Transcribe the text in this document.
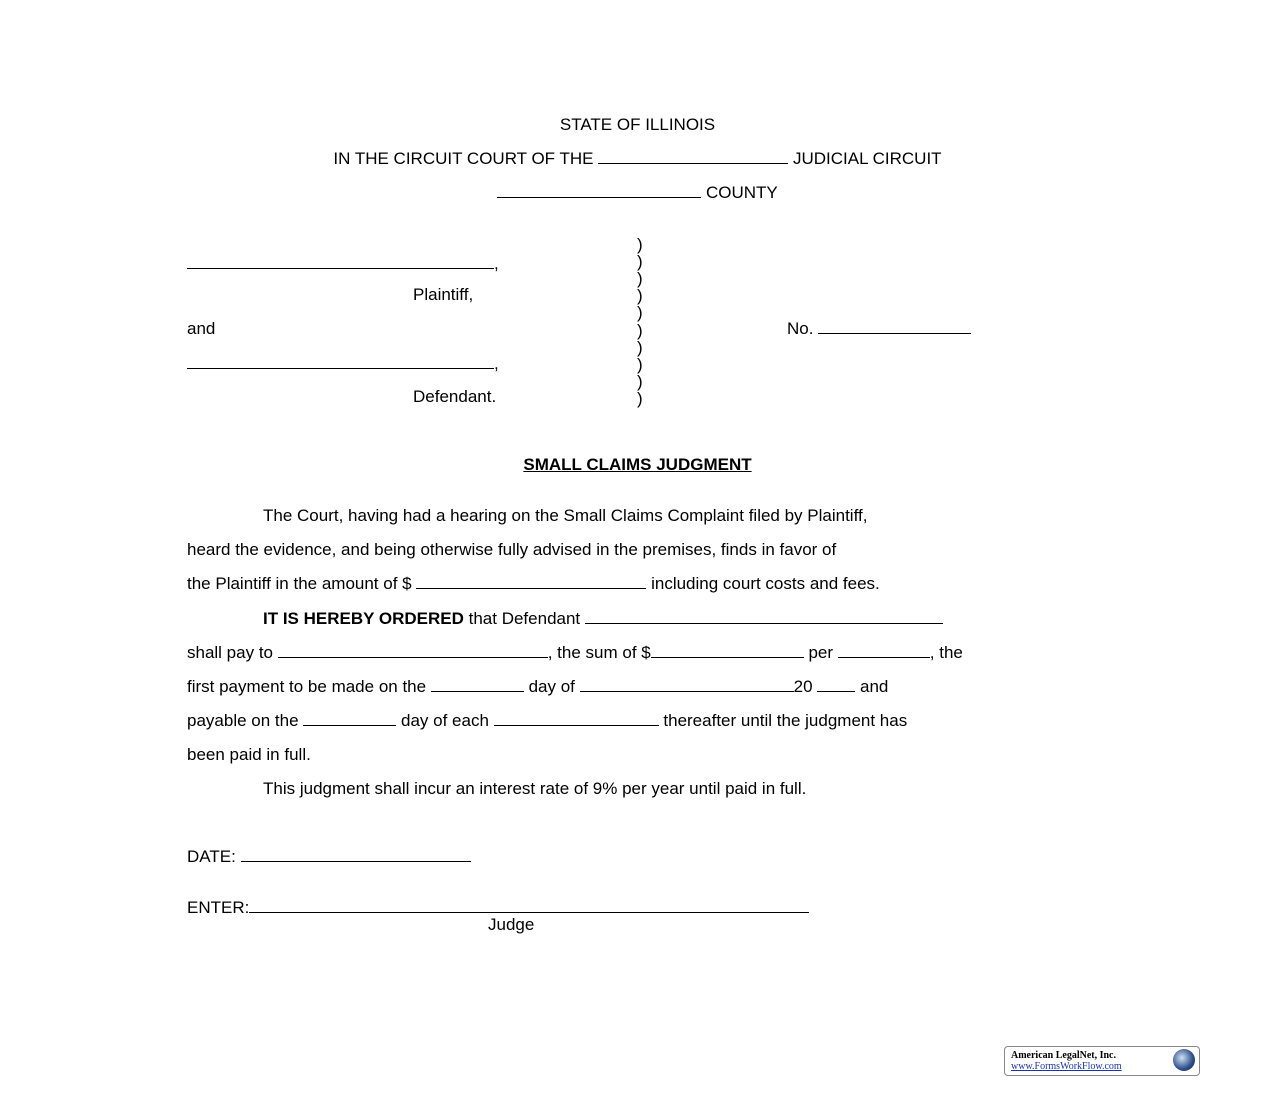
STATE OF ILLINOIS
IN THE CIRCUIT COURT OF THE	JUDICIAL CIRCUIT
COUNTY
,
Plaintiff,
and
,
Defendant.
)
)
)
)
)
)
)
)
)
)
No.
SMALL CLAIMS JUDGMENT
The Court, having had a hearing on the Small Claims Complaint filed by Plaintiff,
heard the evidence, and being otherwise fully advised in the premises, finds in favor of
the Plaintiff in the amount of $	including court costs and fees.
IT IS HEREBY ORDERED that Defendant
shall pay to	, the sum of $	per	, the
first payment to be made on the	day of	20	and
payable on the	day of each	thereafter until the judgment has
been paid in full.
This judgment shall incur an interest rate of 9% per year until paid in full.
DATE:
ENTER:
Judge
American LegalNet, Inc.
www.FormsWorkFlow.com
